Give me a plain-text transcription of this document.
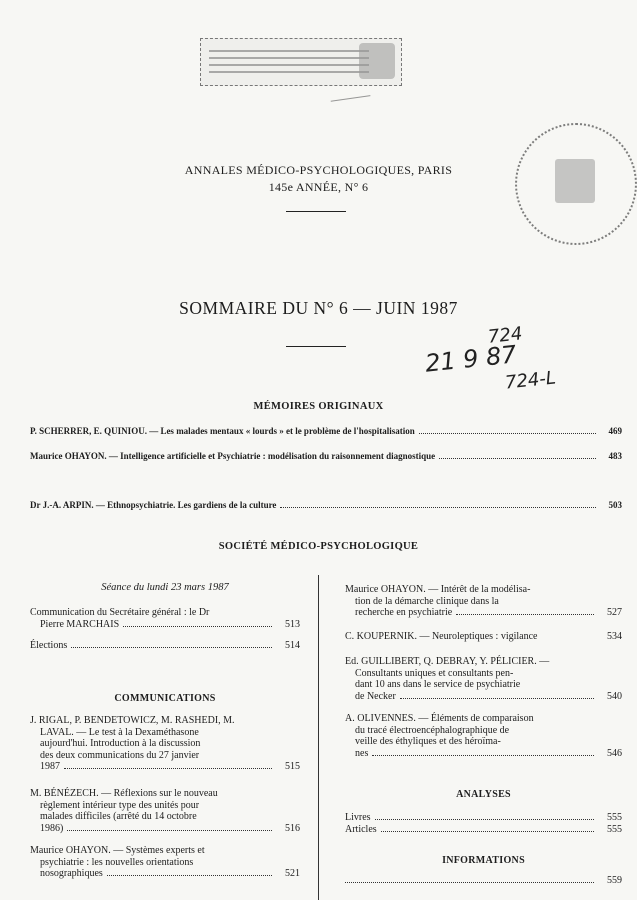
ANNALES MÉDICO-PSYCHOLOGIQUES, PARIS
145e ANNÉE, N° 6
SOMMAIRE DU N° 6 — JUIN 1987
724
21 9 87
724-L
MÉMOIRES ORIGINAUX
P. SCHERRER, E. QUINIOU. — Les malades mentaux « lourds » et le problème de l'hospitalisation	469
Maurice OHAYON. — Intelligence artificielle et Psychiatrie : modélisation du raisonnement diagnostique	483
Dr J.-A. ARPIN. — Ethnopsychiatrie. Les gardiens de la culture	503
SOCIÉTÉ MÉDICO-PSYCHOLOGIQUE
Séance du lundi 23 mars 1987
Communication du Secrétaire général : le Dr
Pierre MARCHAIS	513
Élections	514
COMMUNICATIONS
J. RIGAL, P. BENDETOWICZ, M. RASHEDI, M.
LAVAL. — Le test à la Dexaméthasone
aujourd'hui. Introduction à la discussion
des deux communications du 27 janvier
1987	515
M. BÉNÉZECH. — Réflexions sur le nouveau
règlement intérieur type des unités pour
malades difficiles (arrêté du 14 octobre
1986)	516
Maurice OHAYON. — Systèmes experts et
psychiatrie : les nouvelles orientations
nosographiques	521
Maurice OHAYON. — Intérêt de la modélisa-
tion de la démarche clinique dans la
recherche en psychiatrie	527
C. KOUPERNIK. — Neuroleptiques : vigilance	534
Ed. GUILLIBERT, Q. DEBRAY, Y. PÉLICIER. —
Consultants uniques et consultants pen-
dant 10 ans dans le service de psychiatrie
de Necker	540
A. OLIVENNES. — Éléments de comparaison
du tracé électroencéphalographique de
veille des éthyliques et des héroïma-
nes	546
ANALYSES
Livres	555
Articles	555
INFORMATIONS
559
